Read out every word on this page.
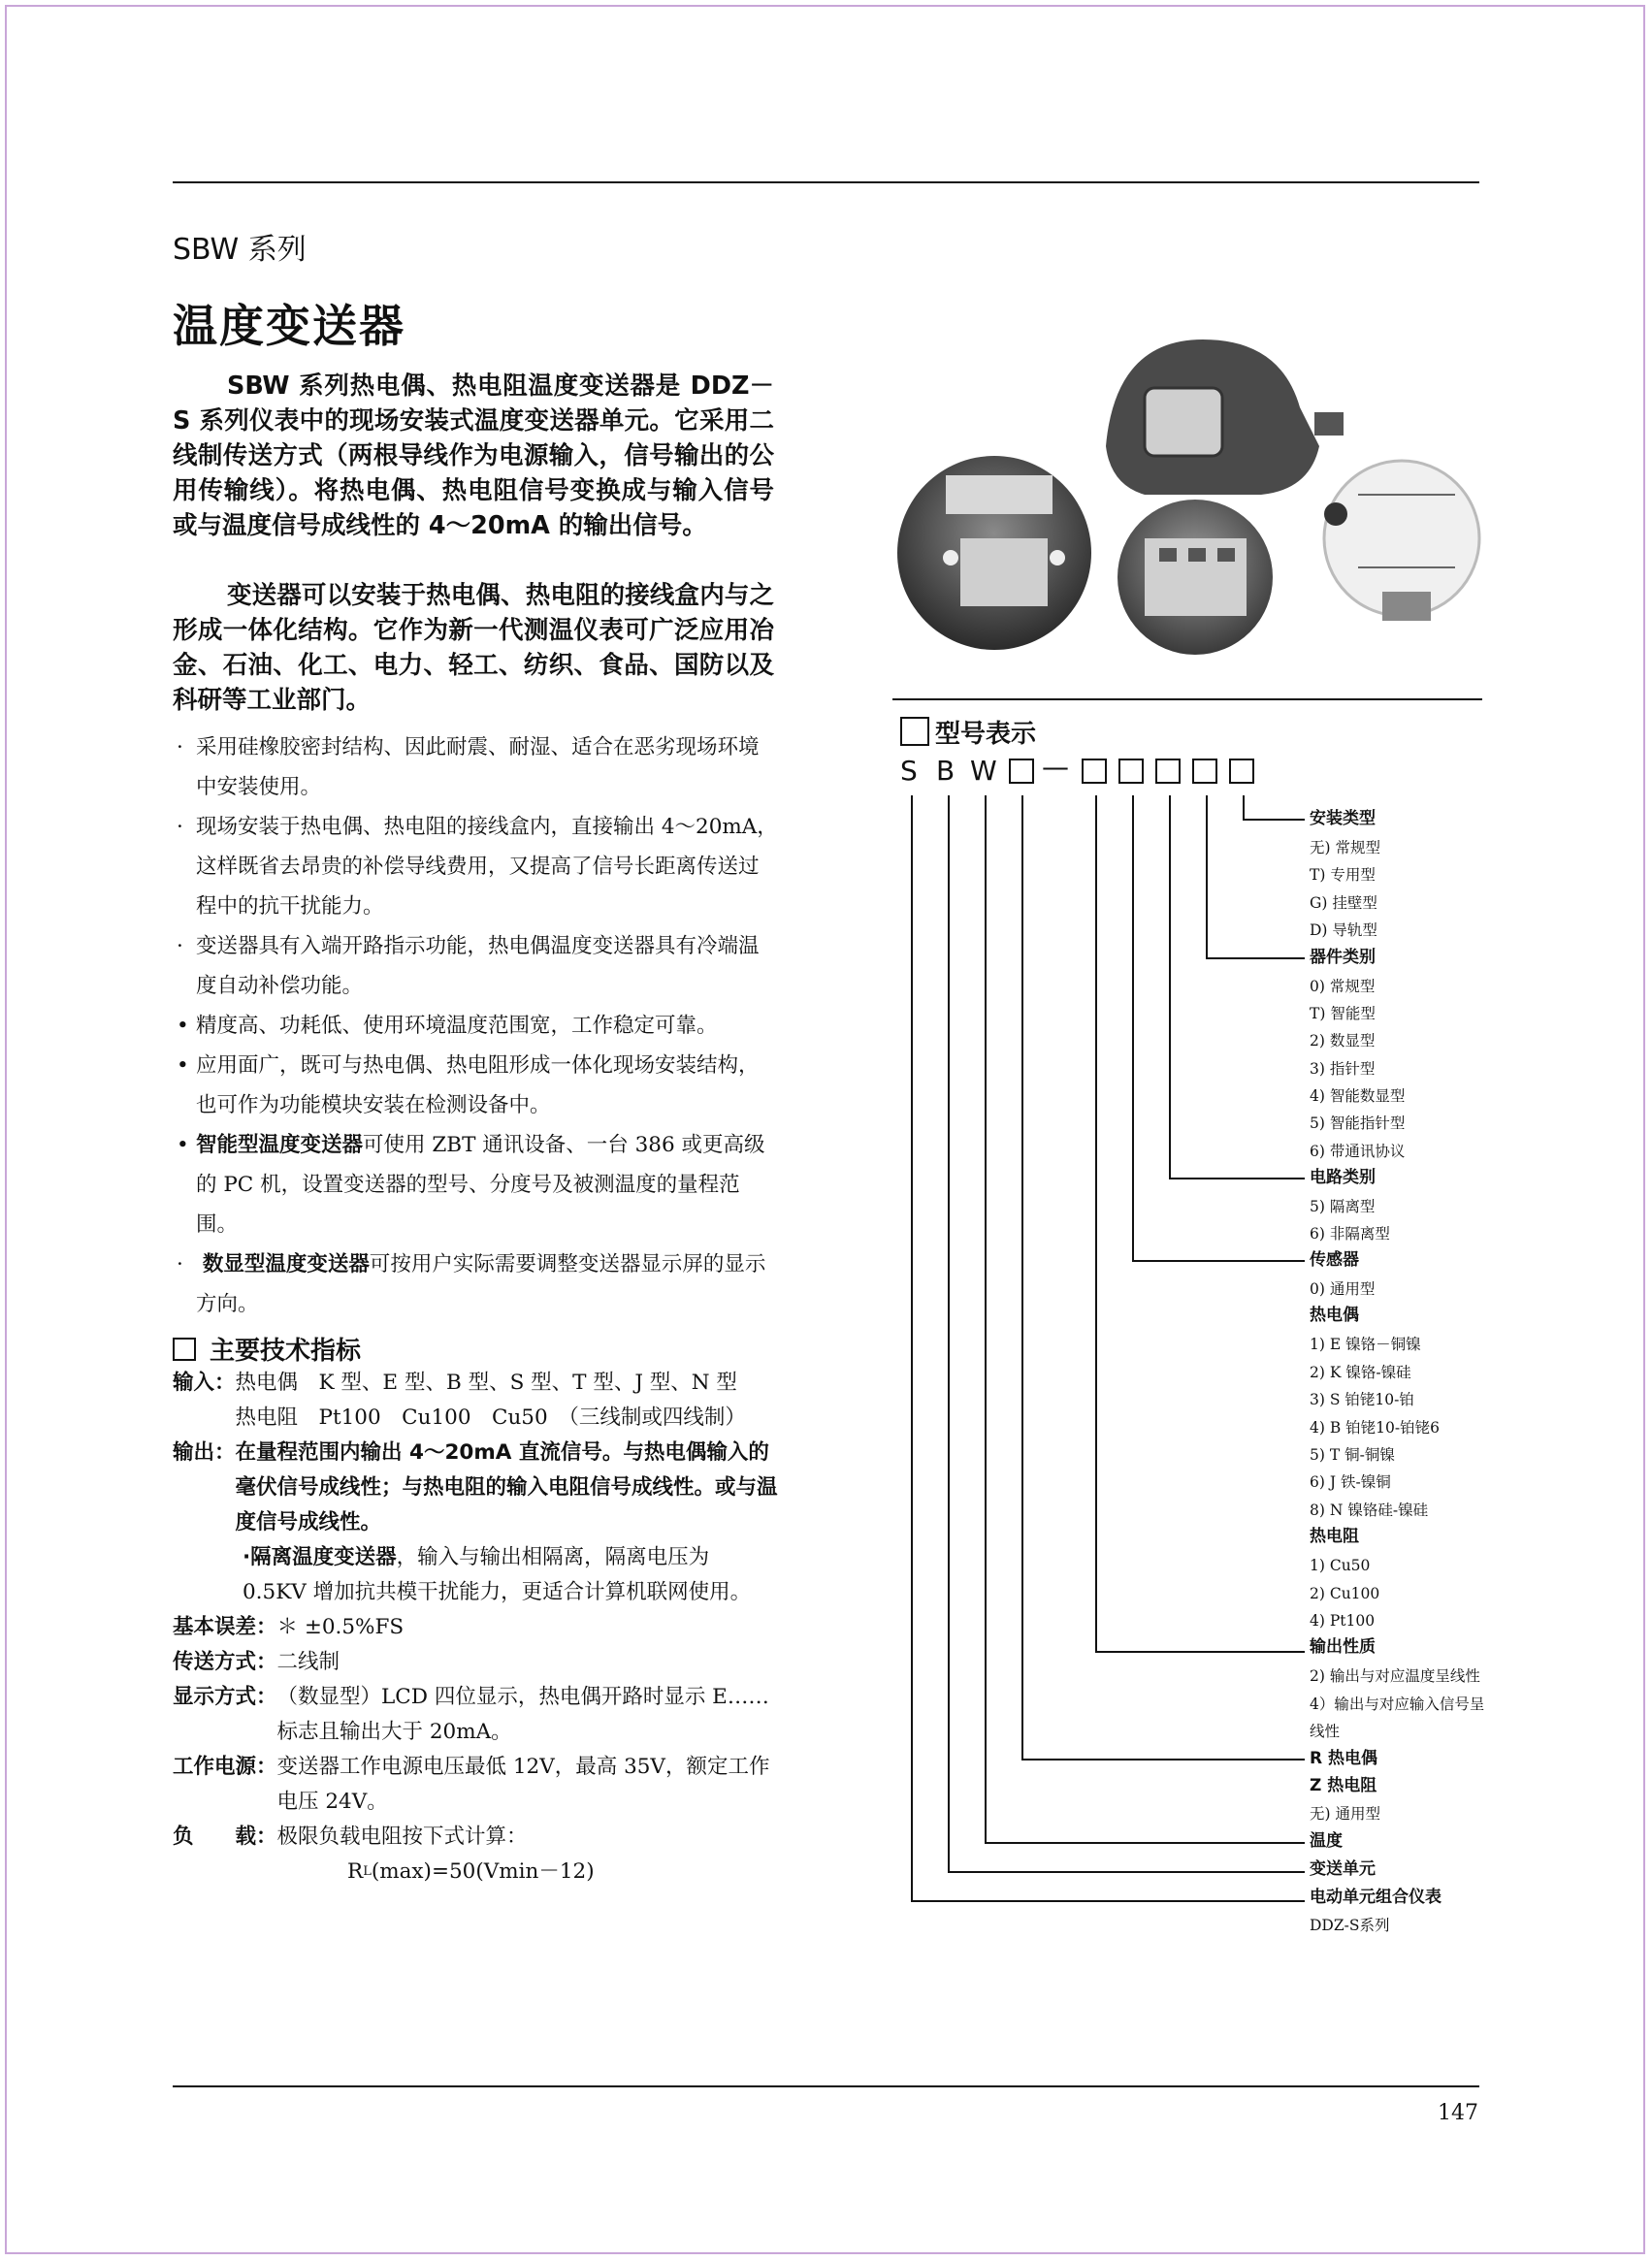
SBW 系列
温度变送器

SBW 系列热电偶、热电阻温度变送器是 DDZ－S 系列仪表中的现场安装式温度变送器单元。它采用二线制传送方式（两根导线作为电源输入，信号输出的公用传输线）。将热电偶、热电阻信号变换成与输入信号或与温度信号成线性的 4～20mA 的输出信号。

变送器可以安装于热电偶、热电阻的接线盒内与之形成一体化结构。它作为新一代测温仪表可广泛应用冶金、石油、化工、电力、轻工、纺织、食品、国防以及科研等工业部门。

· 采用硅橡胶密封结构、因此耐震、耐湿、适合在恶劣现场环境中安装使用。
· 现场安装于热电偶、热电阻的接线盒内，直接输出 4～20mA，这样既省去昂贵的补偿导线费用，又提高了信号长距离传送过程中的抗干扰能力。
· 变送器具有入端开路指示功能，热电偶温度变送器具有冷端温度自动补偿功能。
• 精度高、功耗低、使用环境温度范围宽，工作稳定可靠。
• 应用面广，既可与热电偶、热电阻形成一体化现场安装结构，也可作为功能模块安装在检测设备中。
• 智能型温度变送器可使用 ZBT 通讯设备、一台 386 或更高级的 PC 机，设置变送器的型号、分度号及被测温度的量程范围。
· 数显型温度变送器可按用户实际需要调整变送器显示屏的显示方向。
主要技术指标
输入： 热电偶　K 型、E 型、B 型、S 型、T 型、J 型、N 型
热电阻　Pt100　Cu100　Cu50　（三线制或四线制）
输出： 在量程范围内输出 4～20mA 直流信号。与热电偶输入的毫伏信号成线性；与热电阻的输入电阻信号成线性。或与温度信号成线性。
·隔离温度变送器，输入与输出相隔离，隔离电压为 0.5KV 增加抗共模干扰能力，更适合计算机联网使用。
基本误差： ＊ ±0.5%FS
传送方式： 二线制
显示方式： （数显型）LCD 四位显示，热电偶开路时显示 E……标志且输出大于 20mA。
工作电源： 变送器工作电源电压最低 12V，最高 35V，额定工作电压 24V。
负　　载： 极限负载电阻按下式计算：
R L (max)=50(Vmin－12)
型号表示
S B W —
安装类型
无) 常规型
T) 专用型
G) 挂壁型
D) 导轨型
器件类别
0) 常规型
T) 智能型
2) 数显型
3) 指针型
4) 智能数显型
5) 智能指针型
6) 带通讯协议
电路类别
5) 隔离型
6) 非隔离型
传感器
0) 通用型
热电偶
1) E 镍铬－铜镍
2) K 镍铬-镍硅
3) S 铂铑10-铂
4) B 铂铑10-铂铑6
5) T 铜-铜镍
6) J 铁-镍铜
8) N 镍铬硅-镍硅
热电阻
1) Cu50
2) Cu100
4) Pt100
输出性质
2) 输出与对应温度呈线性
4）输出与对应输入信号呈
线性
R 热电偶
Z 热电阻
无) 通用型
温度
变送单元
电动单元组合仪表
DDZ-S系列
147
